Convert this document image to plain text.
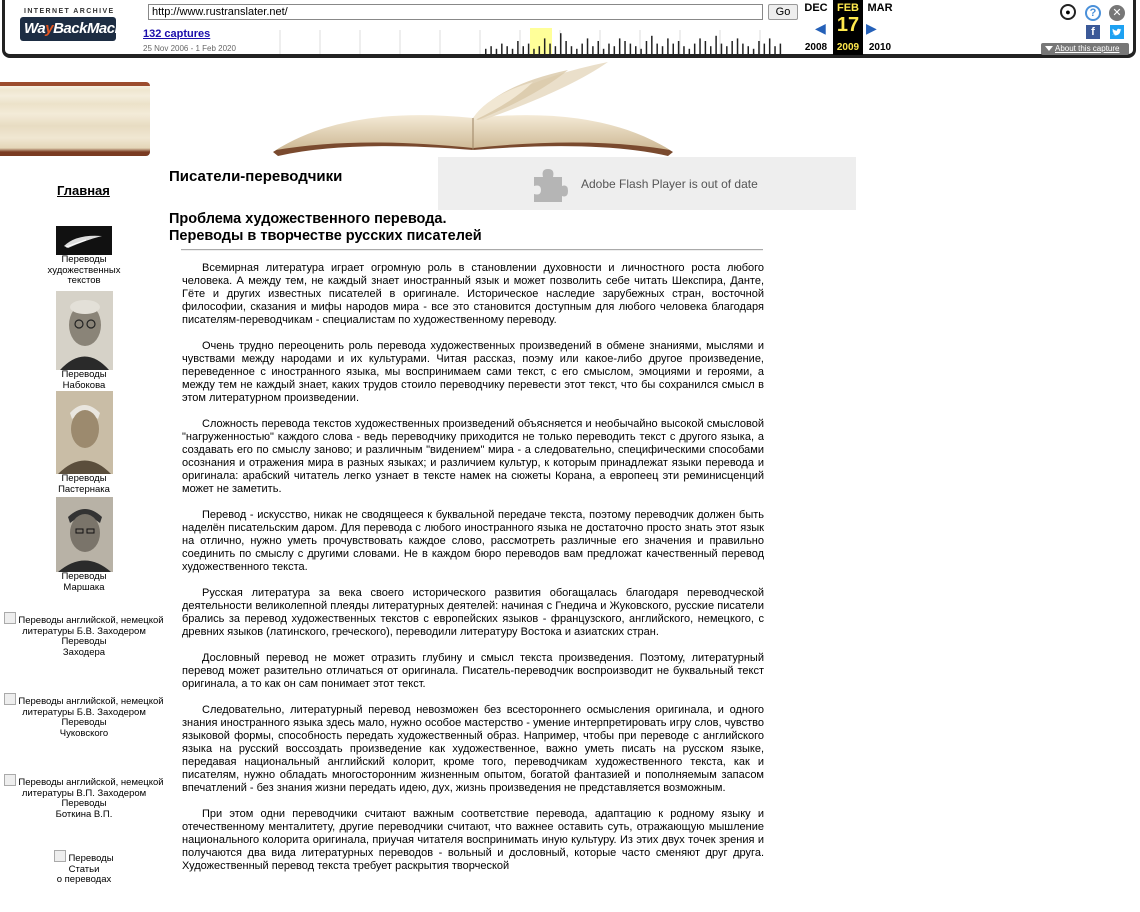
INTERNET ARCHIVE
WayBackMachine
http://www.rustranslater.net/	Go
132 captures
25 Nov 2006 - 1 Feb 2020
DEC FEB MAR
◀ 17 ▶
2008 2009 2010
●	?	✕
f
About this capture
Главная
Переводы
художественных
текстов
Переводы
Набокова
Переводы
Пастернака
Переводы
Маршака
Переводы английской, немецкой литературы Б.В. Заходером
Переводы
Заходера
Переводы английской, немецкой литературы Б.В. Заходером
Переводы
Чуковского
Переводы английской, немецкой литературы В.П. Заходером
Переводы
Боткина В.П.
Переводы
Статьи
о переводах
Писатели-переводчики	Adobe Flash Player is out of date
Проблема художественного перевода.
Переводы в творчестве русских писателей

Всемирная литература играет огромную роль в становлении духовности и личностного роста любого человека. А между тем, не каждый знает иностранный язык и может позволить себе читать Шекспира, Данте, Гёте и других известных писателей в оригинале. Историческое наследие зарубежных стран, восточной философии, сказания и мифы народов мира - все это становится доступным для любого человека благодаря писателям-переводчикам - специалистам по художественному переводу.

Очень трудно переоценить роль перевода художественных произведений в обмене знаниями, мыслями и чувствами между народами и их культурами. Читая рассказ, поэму или какое-либо другое произведение, переведенное с иностранного языка, мы воспринимаем сами текст, с его смыслом, эмоциями и героями, а между тем не каждый знает, каких трудов стоило переводчику перевести этот текст, что бы сохранился смысл в этом литературном произведении.

Сложность перевода текстов художественных произведений объясняется и необычайно высокой смысловой "нагруженностью" каждого слова - ведь переводчику приходится не только переводить текст с другого языка, а создавать его по смыслу заново; и различным "видением" мира - а следовательно, специфическими способами осознания и отражения мира в разных языках; и различием культур, к которым принадлежат языки перевода и оригинала: арабский читатель легко узнает в тексте намек на сюжеты Корана, а европеец эти реминисценций может не заметить.

Перевод - искусство, никак не сводящееся к буквальной передаче текста, поэтому переводчик должен быть наделён писательским даром. Для перевода с любого иностранного языка не достаточно просто знать этот язык на отлично, нужно уметь прочувствовать каждое слово, рассмотреть различные его значения и правильно соединить по смыслу с другими словами. Не в каждом бюро переводов вам предложат качественный перевод художественного текста.

Русская литература за века своего исторического развития обогащалась благодаря переводческой деятельности великолепной плеяды литературных деятелей: начиная с Гнедича и Жуковского, русские писатели брались за перевод художественных текстов с европейских языков - французского, английского, немецкого, с древних языков (латинского, греческого), переводили литературу Востока и азиатских стран.

Дословный перевод не может отразить глубину и смысл текста произведения. Поэтому, литературный перевод может разительно отличаться от оригинала. Писатель-переводчик воспроизводит не буквальный текст оригинала, а то как он сам понимает этот текст.

Следовательно, литературный перевод невозможен без всестороннего осмысления оригинала, и одного знания иностранного языка здесь мало, нужно особое мастерство - умение интерпретировать игру слов, чувство языковой формы, способность передать художественный образ. Например, чтобы при переводе с английского языка на русский воссоздать произведение как художественное, важно уметь писать на русском языке, передавая национальный английский колорит, кроме того, переводчикам художественного текста, как и писателям, нужно обладать многосторонним жизненным опытом, богатой фантазией и пополняемым запасом впечатлений - без знания жизни передать идею, дух, жизнь произведения не представляется возможным.

При этом одни переводчики считают важным соответствие перевода, адаптацию к родному языку и отечественному менталитету, другие переводчики считают, что важнее оставить суть, отражающую мышление национального колорита оригинала, приучая читателя воспринимать иную культуру. Из этих двух точек зрения и получаются два вида литературных переводов - вольный и дословный, которые часто сменяют друг друга. Художественный перевод текста требует раскрытия творческой
